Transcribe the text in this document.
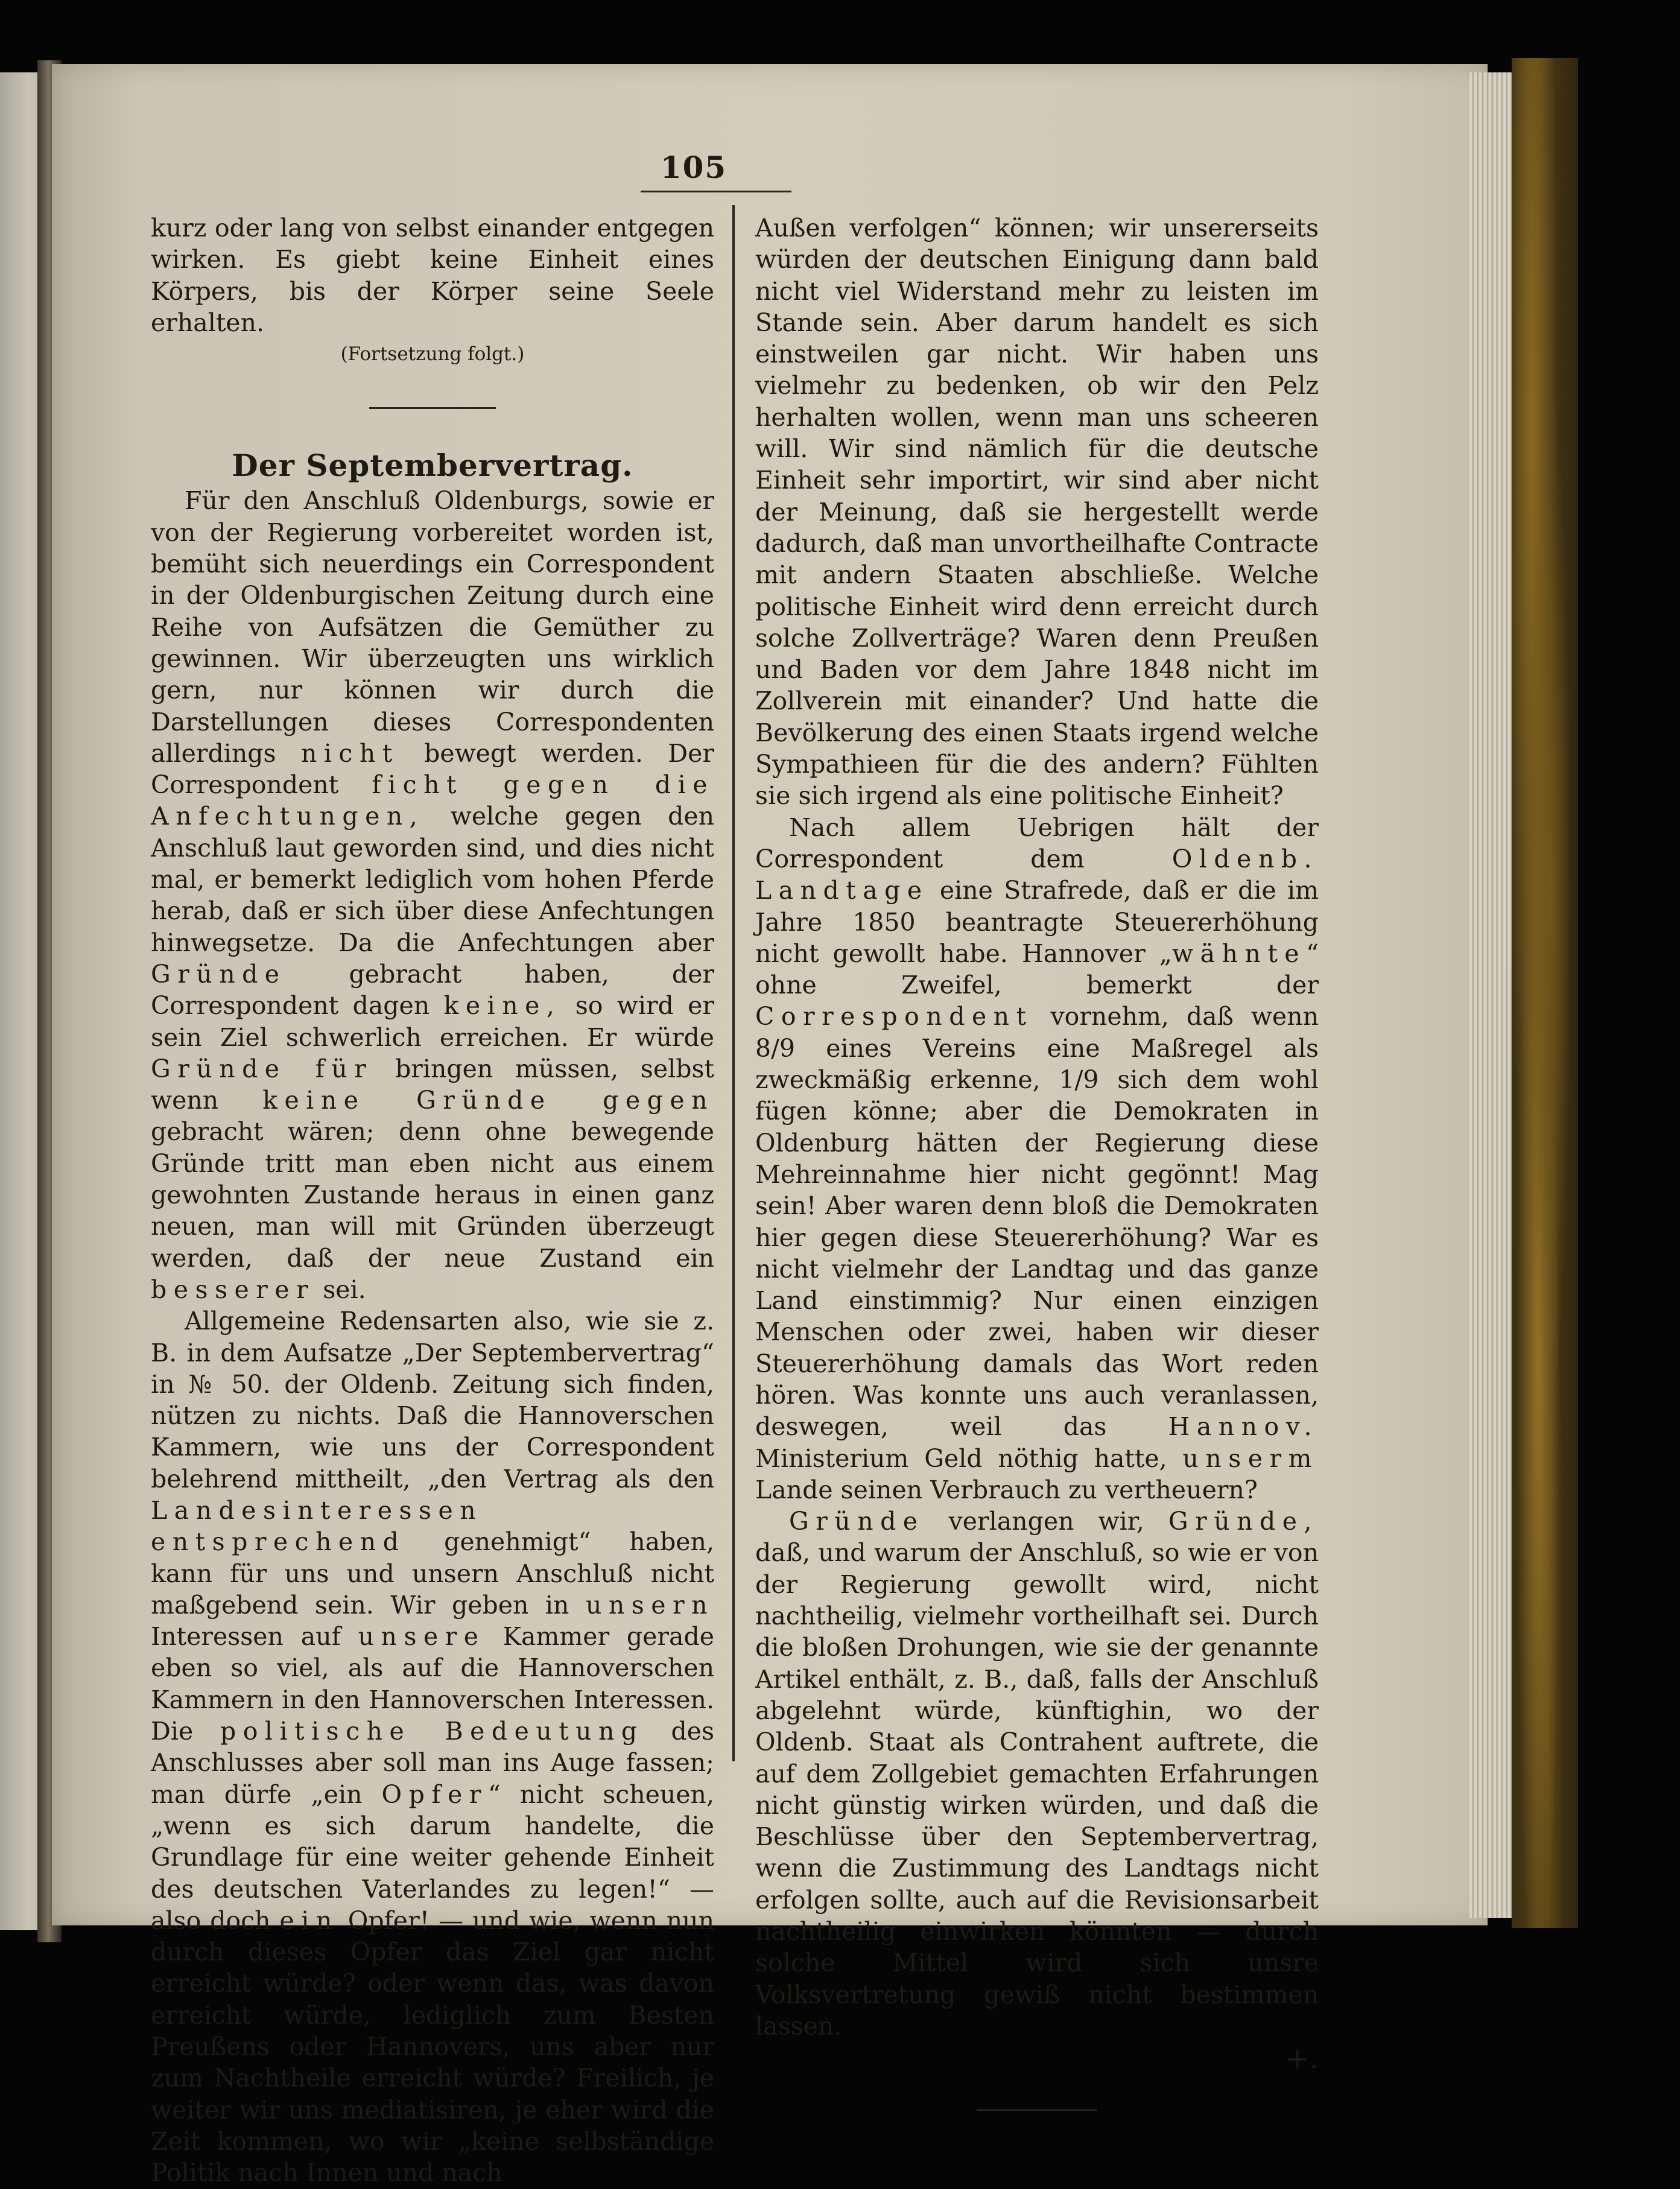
105

kurz oder lang von selbst einander entgegen wirken. Es giebt keine Einheit eines Körpers, bis der Körper seine Seele erhalten.

(Fortsetzung folgt.)

Der Septembervertrag.

Für den Anschluß Oldenburgs, sowie er von der Regierung vorbereitet worden ist, bemüht sich neuerdings ein Correspondent in der Oldenburgischen Zeitung durch eine Reihe von Aufsätzen die Gemüther zu gewinnen. Wir überzeugten uns wirklich gern, nur können wir durch die Darstellungen dieses Correspondenten allerdings nicht bewegt werden. Der Correspondent ficht gegen die Anfechtungen, welche gegen den Anschluß laut geworden sind, und dies nicht mal, er bemerkt lediglich vom hohen Pferde herab, daß er sich über diese Anfechtungen hinwegsetze. Da die Anfechtungen aber Gründe	gebracht haben, der Correspondent dagen keine, so wird er sein Ziel schwerlich erreichen. Er würde Gründe für bringen müssen, selbst wenn keine Gründe gegen gebracht wären; denn ohne bewegende Gründe tritt man eben nicht aus einem gewohnten Zustande heraus in einen ganz neuen, man will mit Gründen überzeugt werden, daß der neue Zustand ein besserer sei.

Allgemeine Redensarten also, wie sie z. B. in dem Aufsatze „Der Septembervertrag“ in № 50. der Oldenb. Zeitung sich finden, nützen zu nichts. Daß die Hannoverschen Kammern, wie uns der Correspondent belehrend mittheilt, „den Vertrag als den Landesinteressen entsprechend genehmigt“ haben, kann für uns und unsern Anschluß nicht maßgebend sein. Wir geben in unsern Interessen auf unsere Kammer gerade eben so viel, als auf die Hannoverschen Kammern in den Hannoverschen Interessen. Die politische Bedeutung des Anschlusses aber soll man ins Auge fassen; man dürfe „ein Opfer“ nicht scheuen, „wenn es sich darum handelte, die Grundlage für eine weiter gehende Einheit des deutschen Vaterlandes zu legen!“ — also doch ein Opfer! — und wie, wenn nun durch dieses Opfer das Ziel gar nicht erreicht würde? oder wenn das, was davon erreicht würde, lediglich zum Besten Preußens oder Hannovers, uns aber nur zum Nachtheile erreicht würde? Freilich, je weiter wir uns mediatisiren, je eher wird die Zeit kommen, wo wir „keine selbständige Politik nach Innen und nach

Außen verfolgen“ können; wir unsererseits würden der deutschen Einigung dann bald nicht viel Widerstand mehr zu leisten im Stande sein. Aber darum handelt es sich einstweilen gar nicht. Wir haben uns vielmehr zu bedenken, ob wir den Pelz herhalten wollen, wenn man uns scheeren will. Wir sind nämlich für die deutsche Einheit sehr importirt, wir sind aber nicht der Meinung, daß sie hergestellt werde dadurch, daß man unvortheilhafte Contracte mit andern Staaten abschließe. Welche politische Einheit wird denn erreicht durch solche Zollverträge? Waren denn Preußen und Baden vor dem Jahre 1848 nicht im Zollverein mit einander? Und hatte die Bevölkerung des einen Staats irgend welche Sympathieen für die des andern? Fühlten sie sich irgend als eine politische Einheit?

Nach allem Uebrigen hält der Correspondent dem	Oldenb. Landtage eine Strafrede, daß er die im Jahre 1850 beantragte Steuererhöhung nicht gewollt habe. Hannover „wähnte“ ohne Zweifel, bemerkt der Correspondent vornehm, daß wenn 8/9 eines Vereins eine Maßregel als zweckmäßig erkenne, 1/9 sich dem wohl fügen könne; aber die Demokraten in Oldenburg hätten der Regierung diese Mehreinnahme hier nicht gegönnt! Mag sein! Aber waren denn bloß die Demokraten hier gegen diese Steuererhöhung? War es nicht vielmehr der Landtag und das ganze Land einstimmig? Nur einen einzigen Menschen oder zwei, haben wir dieser Steuererhöhung damals das Wort reden hören. Was konnte uns auch veranlassen, deswegen, weil das Hannov. Ministerium Geld nöthig hatte, unserm Lande seinen Verbrauch zu vertheuern?

Gründe verlangen wir, Gründe, daß, und warum der Anschluß, so wie er von der Regierung gewollt wird, nicht nachtheilig, vielmehr vortheilhaft sei. Durch die bloßen Drohungen, wie sie der genannte Artikel enthält, z. B., daß, falls der Anschluß abgelehnt würde, künftighin, wo der Oldenb. Staat als Contrahent auftrete, die auf dem Zollgebiet gemachten Erfahrungen nicht günstig wirken würden, und daß die Beschlüsse über den Septembervertrag, wenn die Zustimmung des Landtags nicht erfolgen sollte, auch auf die Revisionsarbeit nachtheilig einwirken könnten — durch solche Mittel wird sich unsre Volksvertretung gewiß nicht bestimmen lassen.

+.
